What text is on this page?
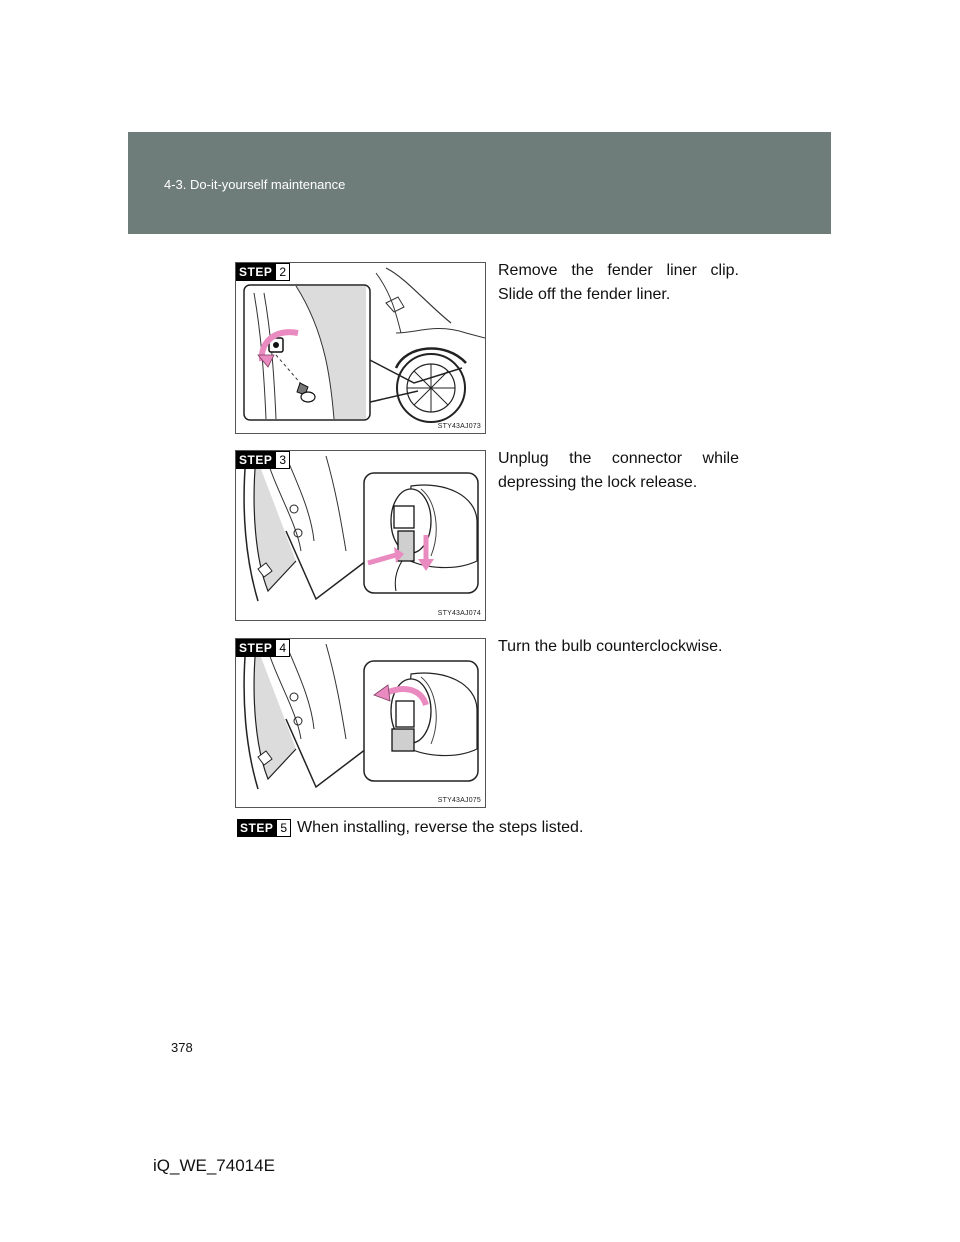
4-3. Do-it-yourself maintenance
STEP 2
STY43AJ073
Remove the fender liner clip. Slide off the fender liner.
STEP 3
STY43AJ074
Unplug the connector while depressing the lock release.
STEP 4
STY43AJ075
Turn the bulb counterclockwise.
STEP 5 When installing, reverse the steps listed.
378
iQ_WE_74014E
